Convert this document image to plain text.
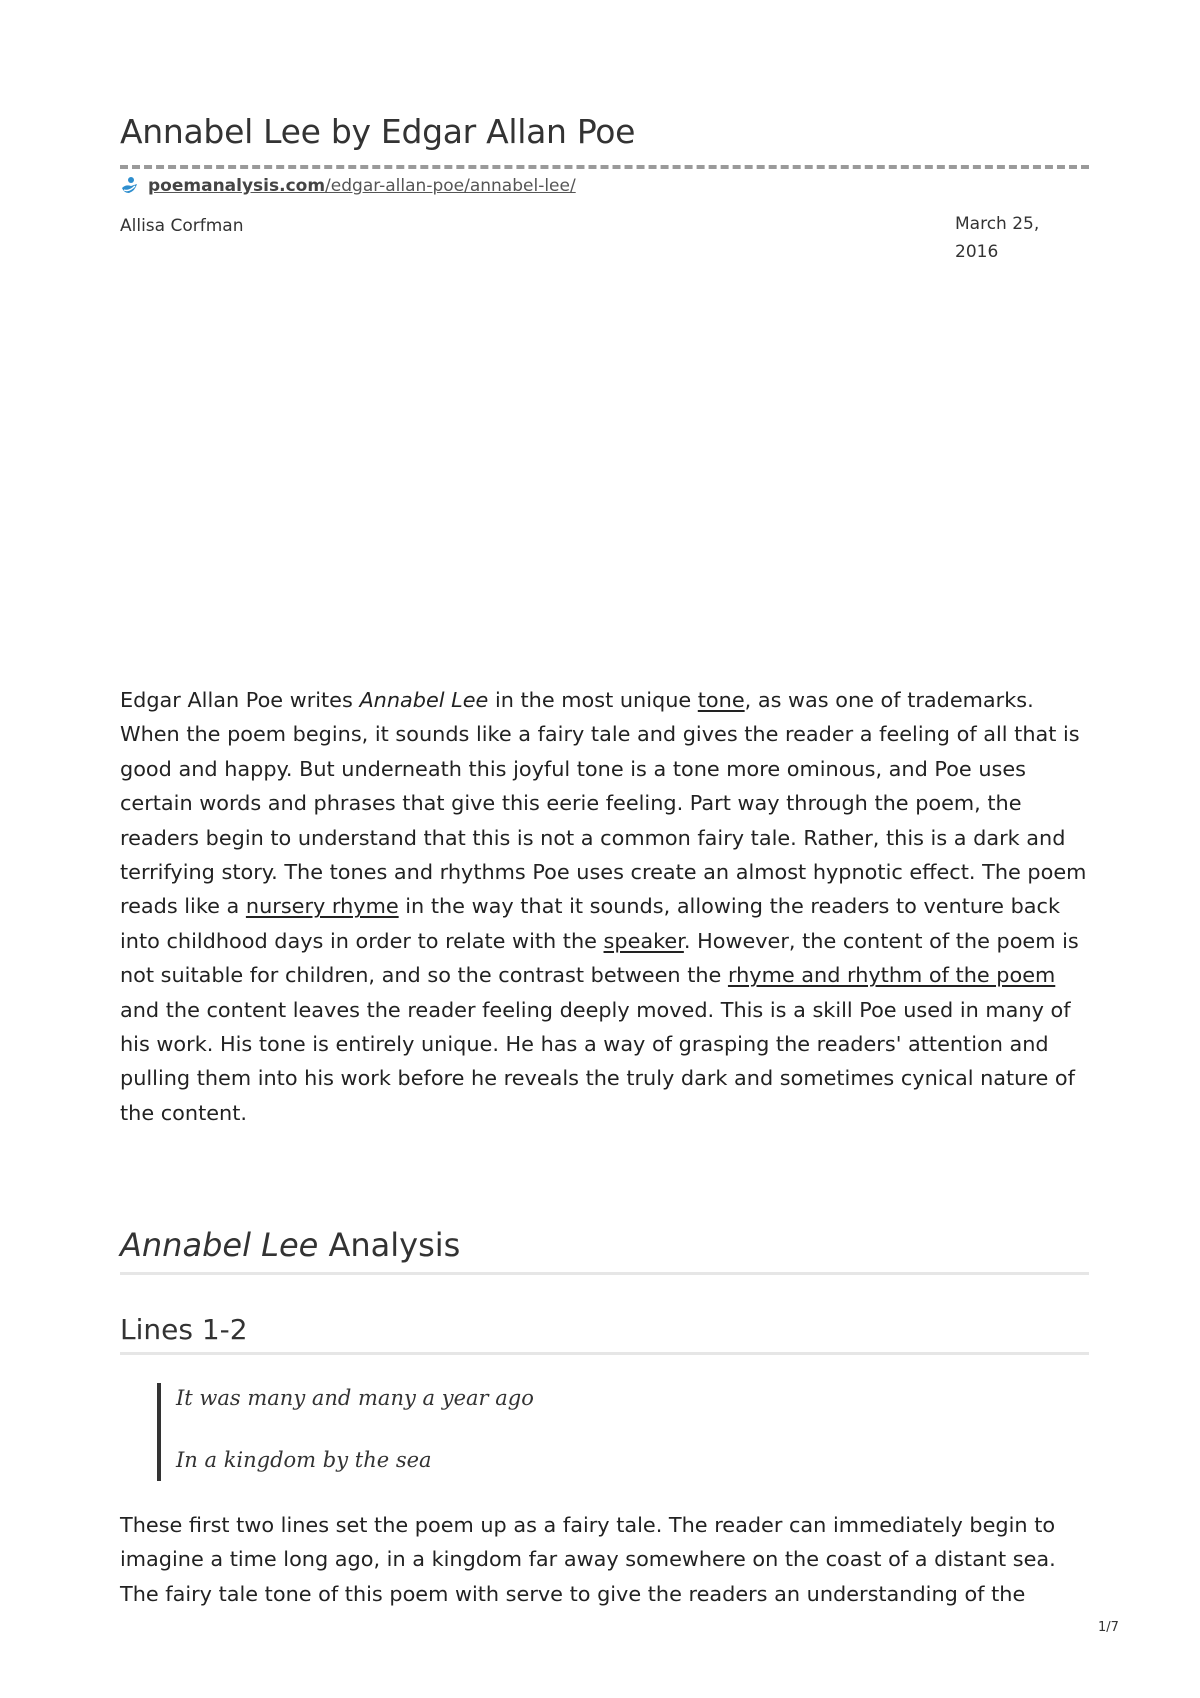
Annabel Lee by Edgar Allan Poe
poemanalysis.com/edgar-allan-poe/annabel-lee/
Allisa Corfman	March 25, 2016

Edgar Allan Poe writes Annabel Lee in the most unique tone, as was one of trademarks. When the poem begins, it sounds like a fairy tale and gives the reader a feeling of all that is good and happy. But underneath this joyful tone is a tone more ominous, and Poe uses certain words and phrases that give this eerie feeling. Part way through the poem, the readers begin to understand that this is not a common fairy tale. Rather, this is a dark and terrifying story. The tones and rhythms Poe uses create an almost hypnotic effect. The poem reads like a nursery rhyme in the way that it sounds, allowing the readers to venture back into childhood days in order to relate with the speaker. However, the content of the poem is not suitable for children, and so the contrast between the rhyme and rhythm of the poem and the content leaves the reader feeling deeply moved. This is a skill Poe used in many of his work. His tone is entirely unique. He has a way of grasping the readers' attention and pulling them into his work before he reveals the truly dark and sometimes cynical nature of the content.

Annabel Lee Analysis
Lines 1-2

It was many and many a year ago

In a kingdom by the sea

These first two lines set the poem up as a fairy tale. The reader can immediately begin to imagine a time long ago, in a kingdom far away somewhere on the coast of a distant sea. The fairy tale tone of this poem with serve to give the readers an understanding of the

1/7
